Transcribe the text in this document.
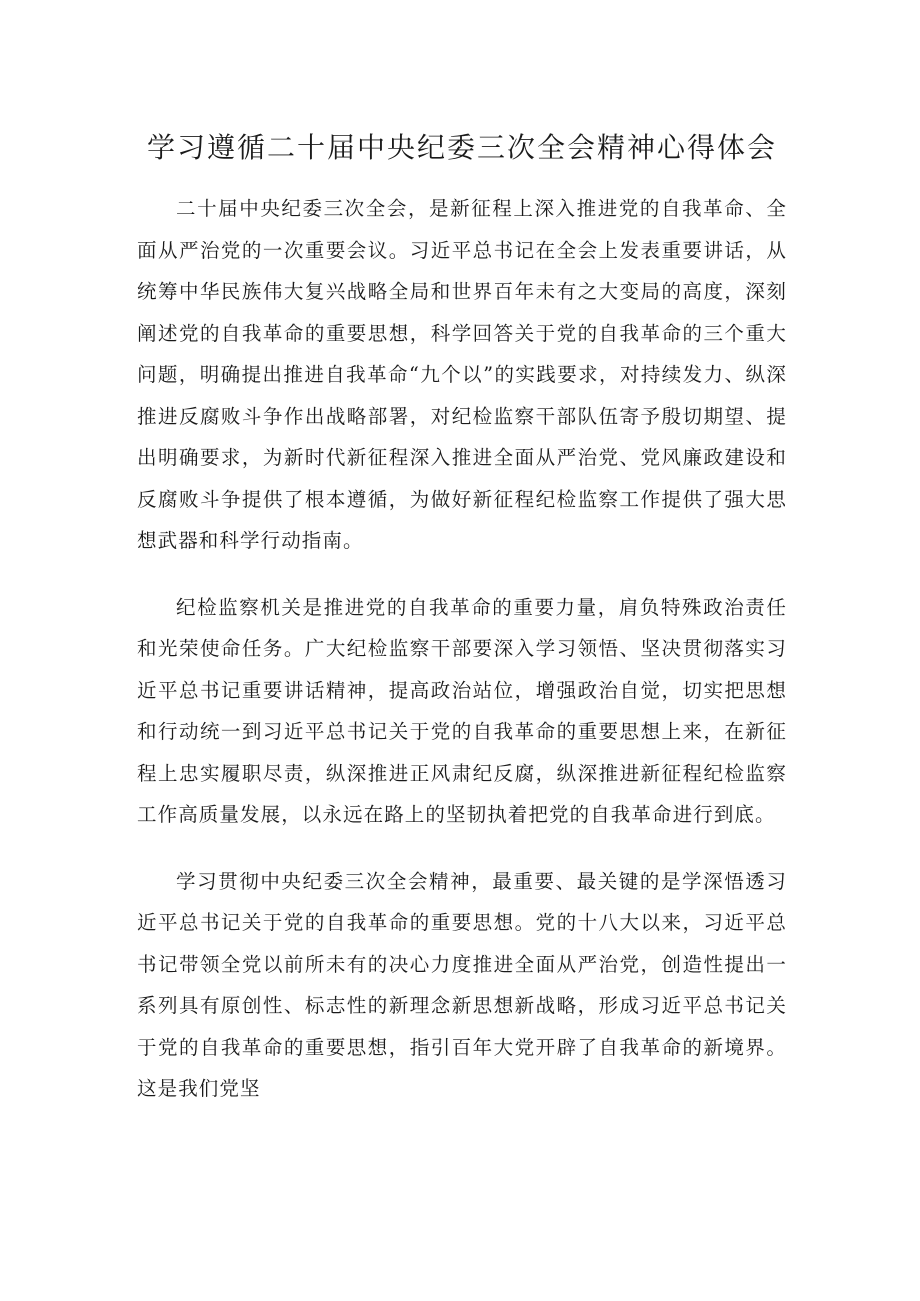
学习遵循二十届中央纪委三次全会精神心得体会

二十届中央纪委三次全会，是新征程上深入推进党的自我革命、全面从严治党的一次重要会议。习近平总书记在全会上发表重要讲话，从统筹中华民族伟大复兴战略全局和世界百年未有之大变局的高度，深刻阐述党的自我革命的重要思想，科学回答关于党的自我革命的三个重大问题，明确提出推进自我革命“九个以”的实践要求，对持续发力、纵深推进反腐败斗争作出战略部署，对纪检监察干部队伍寄予殷切期望、提出明确要求，为新时代新征程深入推进全面从严治党、党风廉政建设和反腐败斗争提供了根本遵循，为做好新征程纪检监察工作提供了强大思想武器和科学行动指南。

纪检监察机关是推进党的自我革命的重要力量，肩负特殊政治责任和光荣使命任务。广大纪检监察干部要深入学习领悟、坚决贯彻落实习近平总书记重要讲话精神，提高政治站位，增强政治自觉，切实把思想和行动统一到习近平总书记关于党的自我革命的重要思想上来，在新征程上忠实履职尽责，纵深推进正风肃纪反腐，纵深推进新征程纪检监察工作高质量发展，以永远在路上的坚韧执着把党的自我革命进行到底。

学习贯彻中央纪委三次全会精神，最重要、最关键的是学深悟透习近平总书记关于党的自我革命的重要思想。党的十八大以来，习近平总书记带领全党以前所未有的决心力度推进全面从严治党，创造性提出一系列具有原创性、标志性的新理念新思想新战略，形成习近平总书记关于党的自我革命的重要思想，指引百年大党开辟了自我革命的新境界。这是我们党坚
